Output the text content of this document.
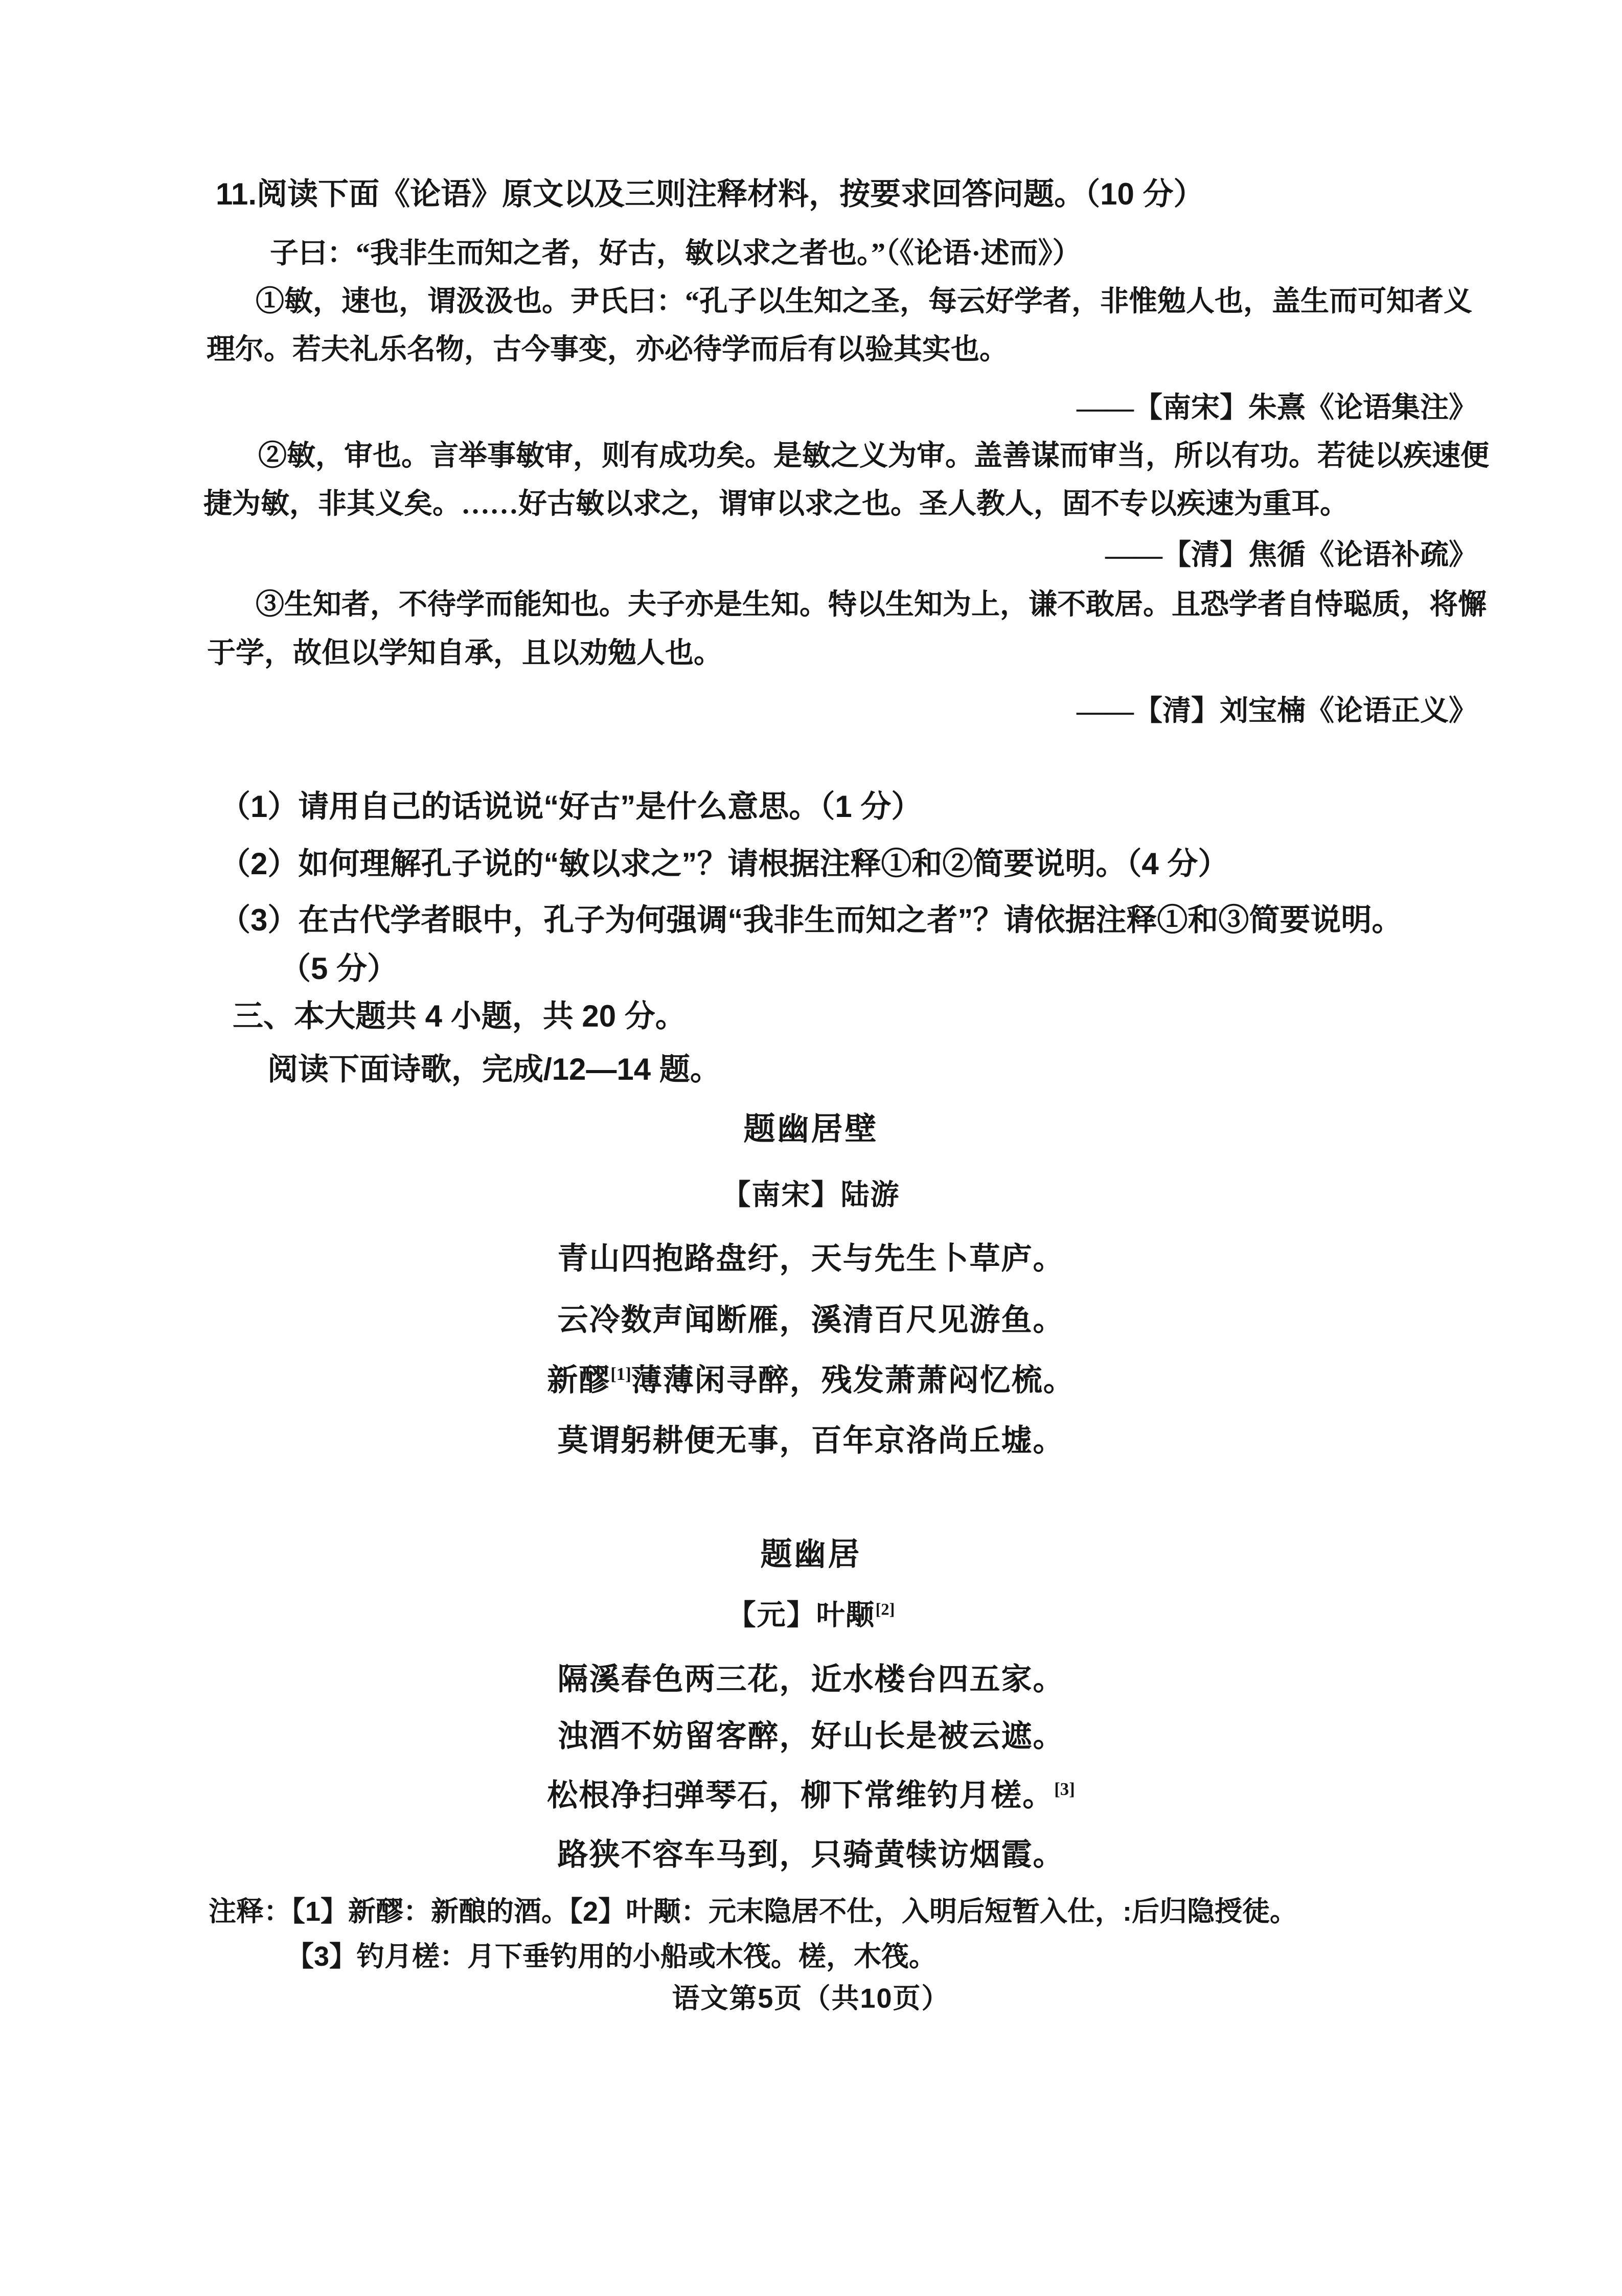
11.阅读下面《论语》原文以及三则注释材料，按要求回答问题。（10 分）
子曰：“我非生而知之者，好古，敏以求之者也。”（《论语·述而》）
①敏，速也，谓汲汲也。尹氏曰：“孔子以生知之圣，每云好学者，非惟勉人也，盖生而可知者义
理尔。若夫礼乐名物，古今事变，亦必待学而后有以验其实也。
——【南宋】朱熹《论语集注》
②敏，审也。言举事敏审，则有成功矣。是敏之义为审。盖善谋而审当，所以有功。若徒以疾速便
捷为敏，非其义矣。……好古敏以求之，谓审以求之也。圣人教人，固不专以疾速为重耳。
——【清】焦循《论语补疏》
③生知者，不待学而能知也。夫子亦是生知。特以生知为上，谦不敢居。且恐学者自恃聪质，将懈
于学，故但以学知自承，且以劝勉人也。
——【清】刘宝楠《论语正义》
（1）请用自己的话说说“好古”是什么意思。（1 分）
（2）如何理解孔子说的“敏以求之”？请根据注释①和②简要说明。（4 分）
（3）在古代学者眼中，孔子为何强调“我非生而知之者”？请依据注释①和③简要说明。
（5 分）
三、本大题共 4 小题，共 20 分。
阅读下面诗歌，完成/12—14 题。
题幽居壁
【南宋】陆游
青山四抱路盘纡，天与先生卜草庐。
云冷数声闻断雁，溪清百尺见游鱼。
新醪[1]薄薄闲寻醉，残发萧萧闷忆梳。
莫谓躬耕便无事，百年京洛尚丘墟。
题幽居
【元】叶颙[2]
隔溪春色两三花，近水楼台四五家。
浊酒不妨留客醉，好山长是被云遮。
松根净扫弹琴石，柳下常维钓月槎。[3]
路狭不容车马到，只骑黄犊访烟霞。
注释：【1】新醪：新酿的酒。【2】叶颙：元末隐居不仕，入明后短暂入仕，:后归隐授徒。
【3】钓月槎：月下垂钓用的小船或木筏。槎，木筏。
语文第5页（共10页）
